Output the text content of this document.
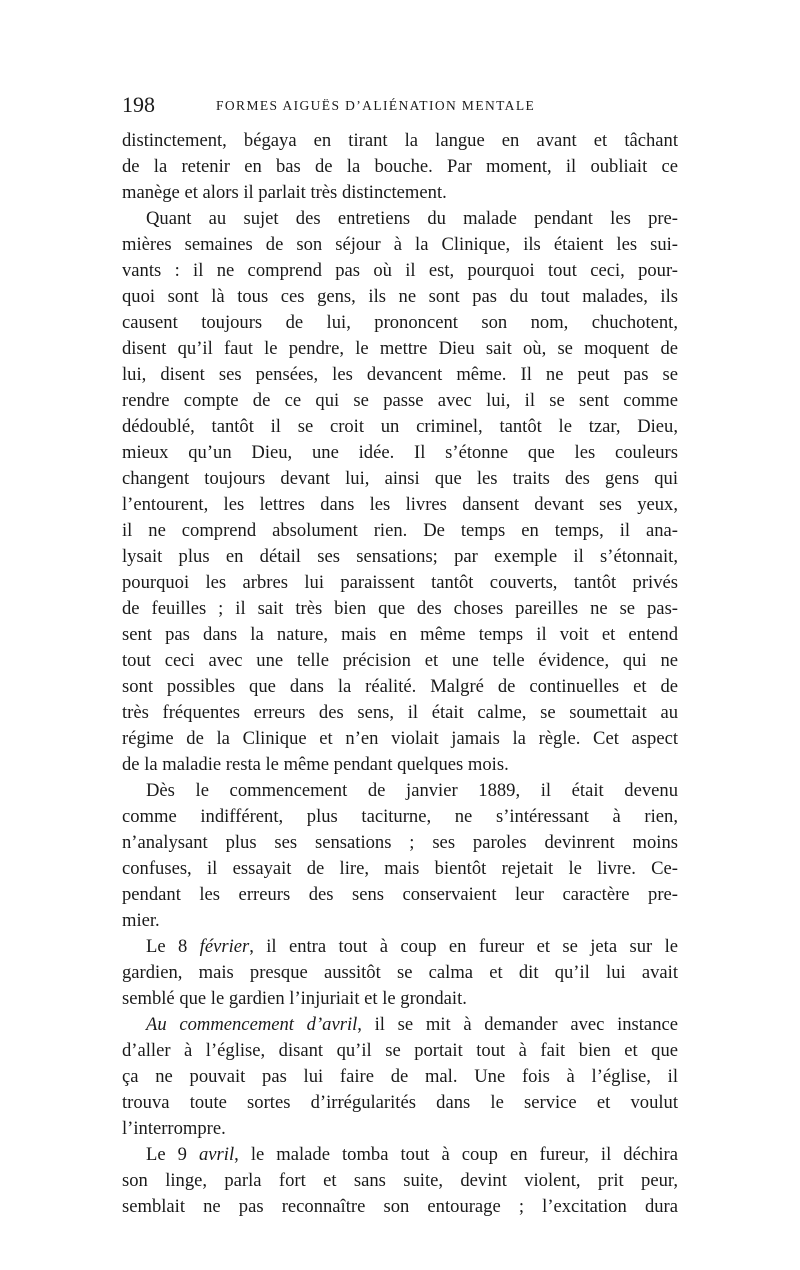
198	FORMES AIGUËS D’ALIÉNATION MENTALE
distinctement, bégaya en tirant la langue en avant et tâchant
de la retenir en bas de la bouche. Par moment, il oubliait ce
manège et alors il parlait très distinctement.
Quant au sujet des entretiens du malade pendant les pre-
mières semaines de son séjour à la Clinique, ils étaient les sui-
vants : il ne comprend pas où il est, pourquoi tout ceci, pour-
quoi sont là tous ces gens, ils ne sont pas du tout malades, ils
causent toujours de lui, prononcent son nom, chuchotent,
disent qu’il faut le pendre, le mettre Dieu sait où, se moquent de
lui, disent ses pensées, les devancent même. Il ne peut pas se
rendre compte de ce qui se passe avec lui, il se sent comme
dédoublé, tantôt il se croit un criminel, tantôt le tzar, Dieu,
mieux qu’un Dieu, une idée. Il s’étonne que les couleurs
changent toujours devant lui, ainsi que les traits des gens qui
l’entourent, les lettres dans les livres dansent devant ses yeux,
il ne comprend absolument rien. De temps en temps, il ana-
lysait plus en détail ses sensations; par exemple il s’étonnait,
pourquoi les arbres lui paraissent tantôt couverts, tantôt privés
de feuilles ; il sait très bien que des choses pareilles ne se pas-
sent pas dans la nature, mais en même temps il voit et entend
tout ceci avec une telle précision et une telle évidence, qui ne
sont possibles que dans la réalité. Malgré de continuelles et de
très fréquentes erreurs des sens, il était calme, se soumettait au
régime de la Clinique et n’en violait jamais la règle. Cet aspect
de la maladie resta le même pendant quelques mois.
Dès le commencement de janvier 1889, il était devenu
comme indifférent, plus taciturne, ne s’intéressant à rien,
n’analysant plus ses sensations ; ses paroles devinrent moins
confuses, il essayait de lire, mais bientôt rejetait le livre. Ce-
pendant les erreurs des sens conservaient leur caractère pre-
mier.
Le 8 février, il entra tout à coup en fureur et se jeta sur le
gardien, mais presque aussitôt se calma et dit qu’il lui avait
semblé que le gardien l’injuriait et le grondait.
Au commencement d’avril, il se mit à demander avec instance
d’aller à l’église, disant qu’il se portait tout à fait bien et que
ça ne pouvait pas lui faire de mal. Une fois à l’église, il
trouva toute sortes d’irrégularités dans le service et voulut
l’interrompre.
Le 9 avril, le malade tomba tout à coup en fureur, il déchira
son linge, parla fort et sans suite, devint violent, prit peur,
semblait ne pas reconnaître son entourage ; l’excitation dura
